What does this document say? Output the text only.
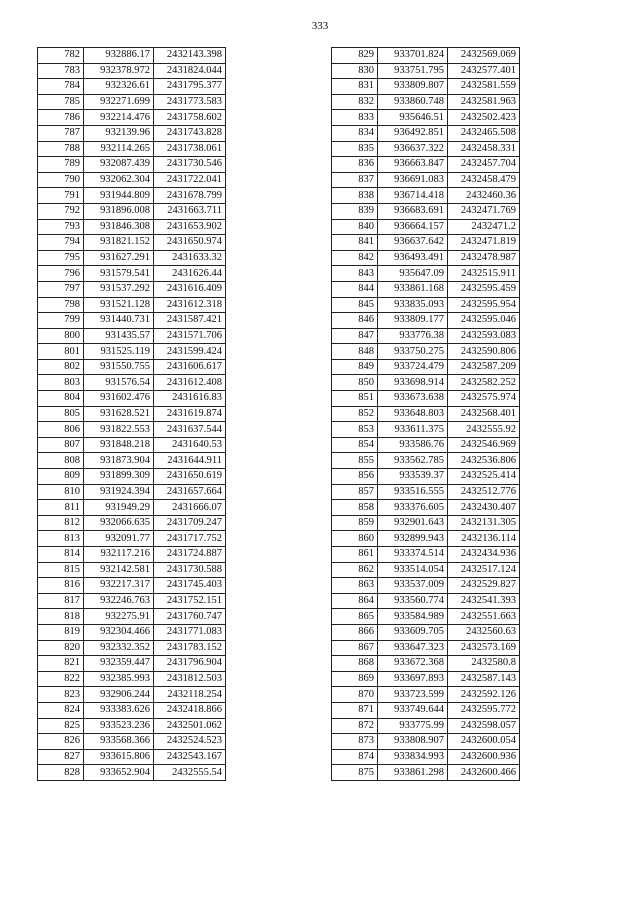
333
782	932886.17	2432143.398
783	932378.972	2431824.044
784	932326.61	2431795.377
785	932271.699	2431773.583
786	932214.476	2431758.602
787	932139.96	2431743.828
788	932114.265	2431738.061
789	932087.439	2431730.546
790	932062.304	2431722.041
791	931944.809	2431678.799
792	931896.008	2431663.711
793	931846.308	2431653.902
794	931821.152	2431650.974
795	931627.291	2431633.32
796	931579.541	2431626.44
797	931537.292	2431616.409
798	931521.128	2431612.318
799	931440.731	2431587.421
800	931435.57	2431571.706
801	931525.119	2431599.424
802	931550.755	2431606.617
803	931576.54	2431612.408
804	931602.476	2431616.83
805	931628.521	2431619.874
806	931822.553	2431637.544
807	931848.218	2431640.53
808	931873.904	2431644.911
809	931899.309	2431650.619
810	931924.394	2431657.664
811	931949.29	2431666.07
812	932066.635	2431709.247
813	932091.77	2431717.752
814	932117.216	2431724.887
815	932142.581	2431730.588
816	932217.317	2431745.403
817	932246.763	2431752.151
818	932275.91	2431760.747
819	932304.466	2431771.083
820	932332.352	2431783.152
821	932359.447	2431796.904
822	932385.993	2431812.503
823	932906.244	2432118.254
824	933383.626	2432418.866
825	933523.236	2432501.062
826	933568.366	2432524.523
827	933615.806	2432543.167
828	933652.904	2432555.54
829	933701.824	2432569.069
830	933751.795	2432577.401
831	933809.807	2432581.559
832	933860.748	2432581.963
833	935646.51	2432502.423
834	936492.851	2432465.508
835	936637.322	2432458.331
836	936663.847	2432457.704
837	936691.083	2432458.479
838	936714.418	2432460.36
839	936683.691	2432471.769
840	936664.157	2432471.2
841	936637.642	2432471.819
842	936493.491	2432478.987
843	935647.09	2432515.911
844	933861.168	2432595.459
845	933835.093	2432595.954
846	933809.177	2432595.046
847	933776.38	2432593.083
848	933750.275	2432590.806
849	933724.479	2432587.209
850	933698.914	2432582.252
851	933673.638	2432575.974
852	933648.803	2432568.401
853	933611.375	2432555.92
854	933586.76	2432546.969
855	933562.785	2432536.806
856	933539.37	2432525.414
857	933516.555	2432512.776
858	933376.605	2432430.407
859	932901.643	2432131.305
860	932899.943	2432136.114
861	933374.514	2432434.936
862	933514.054	2432517.124
863	933537.009	2432529.827
864	933560.774	2432541.393
865	933584.989	2432551.663
866	933609.705	2432560.63
867	933647.323	2432573.169
868	933672.368	2432580.8
869	933697.893	2432587.143
870	933723.599	2432592.126
871	933749.644	2432595.772
872	933775.99	2432598.057
873	933808.907	2432600.054
874	933834.993	2432600.936
875	933861.298	2432600.466
